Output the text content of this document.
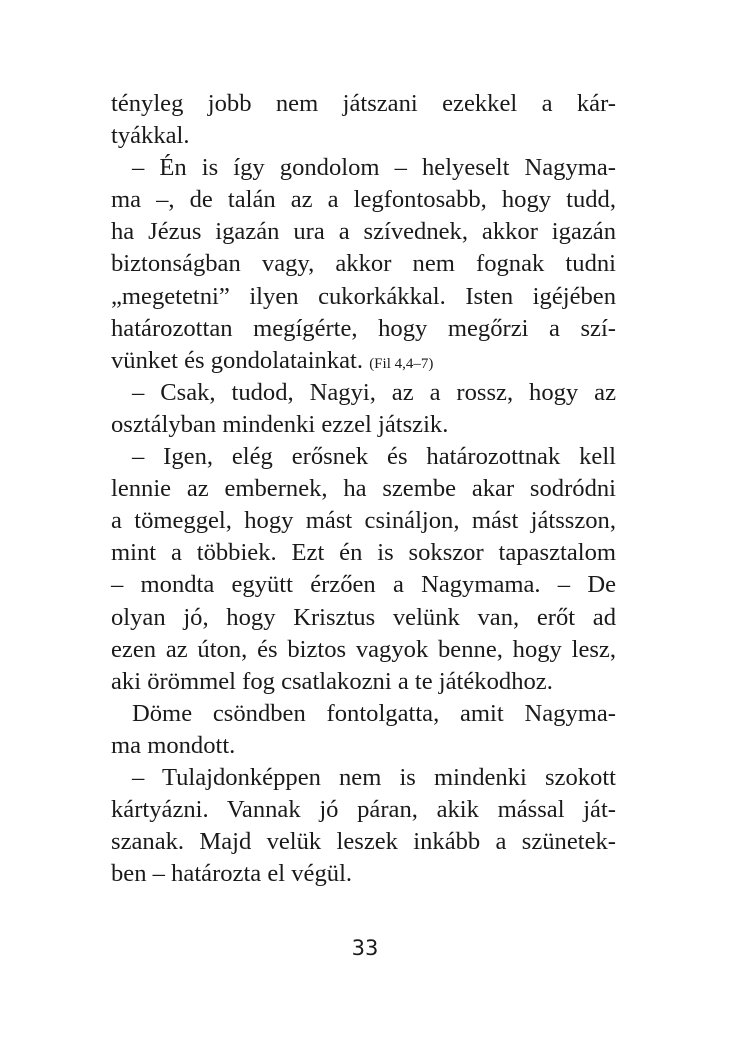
tényleg jobb nem játszani ezekkel a kár-
tyákkal.
– Én is így gondolom – helyeselt Nagyma-
ma –, de talán az a legfontosabb, hogy tudd,
ha Jézus igazán ura a szívednek, akkor igazán
biztonságban vagy, akkor nem fognak tudni
„megetetni” ilyen cukorkákkal. Isten igéjében
határozottan megígérte, hogy megőrzi a szí-
vünket és gondolatainkat. (Fil 4,4–7)
– Csak, tudod, Nagyi, az a rossz, hogy az
osztályban mindenki ezzel játszik.
– Igen, elég erősnek és határozottnak kell
lennie az embernek, ha szembe akar sodródni
a tömeggel, hogy mást csináljon, mást játsszon,
mint a többiek. Ezt én is sokszor tapasztalom
– mondta együtt érzően a Nagymama. – De
olyan jó, hogy Krisztus velünk van, erőt ad
ezen az úton, és biztos vagyok benne, hogy lesz,
aki örömmel fog csatlakozni a te játékodhoz.
Döme csöndben fontolgatta, amit Nagyma-
ma mondott.
– Tulajdonképpen nem is mindenki szokott
kártyázni. Vannak jó páran, akik mással ját-
szanak. Majd velük leszek inkább a szünetek-
ben – határozta el végül.
33
